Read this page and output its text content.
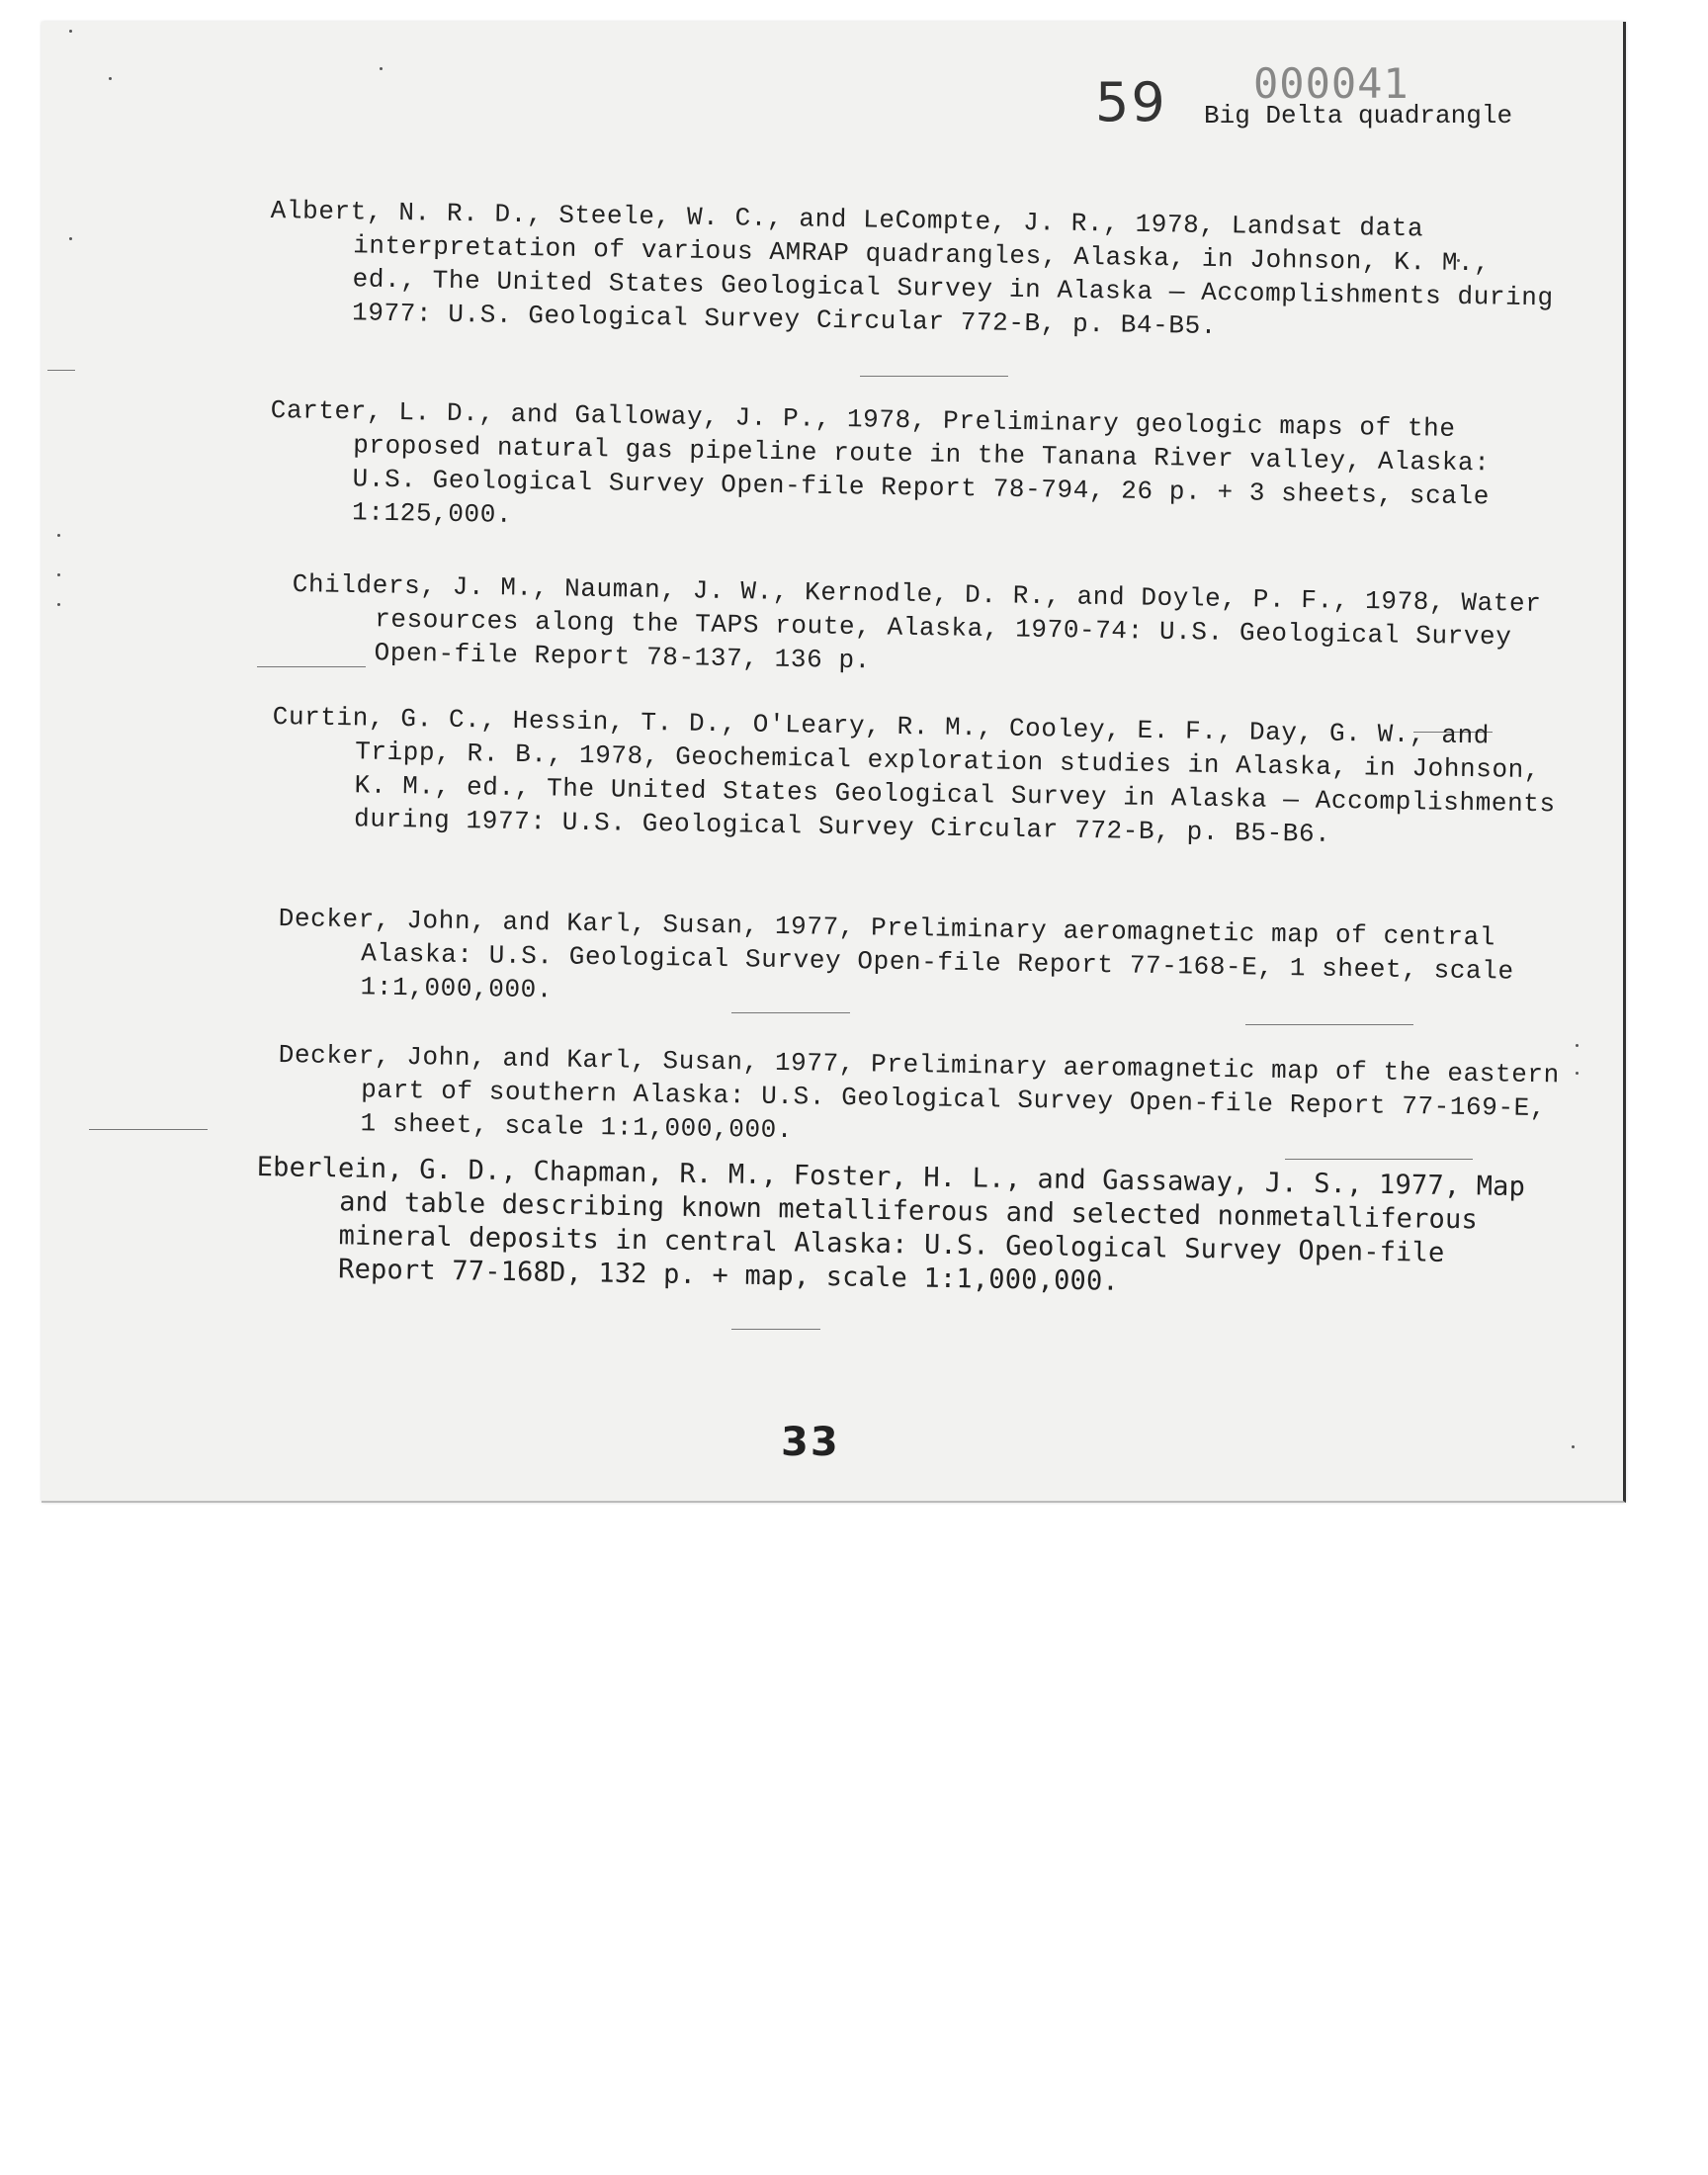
000041
59 Big Delta quadrangle

Albert, N. R. D., Steele, W. C., and LeCompte, J. R., 1978, Landsat data interpretation of various AMRAP quadrangles, Alaska, in Johnson, K. M., ed., The United States Geological Survey in Alaska — Accomplishments during 1977: U.S. Geological Survey Circular 772-B, p. B4-B5.

Carter, L. D., and Galloway, J. P., 1978, Preliminary geologic maps of the proposed natural gas pipeline route in the Tanana River valley, Alaska: U.S. Geological Survey Open-file Report 78-794, 26 p. + 3 sheets, scale 1:125,000.

Childers, J. M., Nauman, J. W., Kernodle, D. R., and Doyle, P. F., 1978, Water resources along the TAPS route, Alaska, 1970-74: U.S. Geological Survey Open-file Report 78-137, 136 p.

Curtin, G. C., Hessin, T. D., O'Leary, R. M., Cooley, E. F., Day, G. W., and Tripp, R. B., 1978, Geochemical exploration studies in Alaska, in Johnson, K. M., ed., The United States Geological Survey in Alaska — Accomplishments during 1977: U.S. Geological Survey Circular 772-B, p. B5-B6.

Decker, John, and Karl, Susan, 1977, Preliminary aeromagnetic map of central Alaska: U.S. Geological Survey Open-file Report 77-168-E, 1 sheet, scale 1:1,000,000.

Decker, John, and Karl, Susan, 1977, Preliminary aeromagnetic map of the eastern part of southern Alaska: U.S. Geological Survey Open-file Report 77-169-E, 1 sheet, scale 1:1,000,000.

Eberlein, G. D., Chapman, R. M., Foster, H. L., and Gassaway, J. S., 1977, Map and table describing known metalliferous and selected nonmetalliferous mineral deposits in central Alaska: U.S. Geological Survey Open-file Report 77-168D, 132 p. + map, scale 1:1,000,000.

33
